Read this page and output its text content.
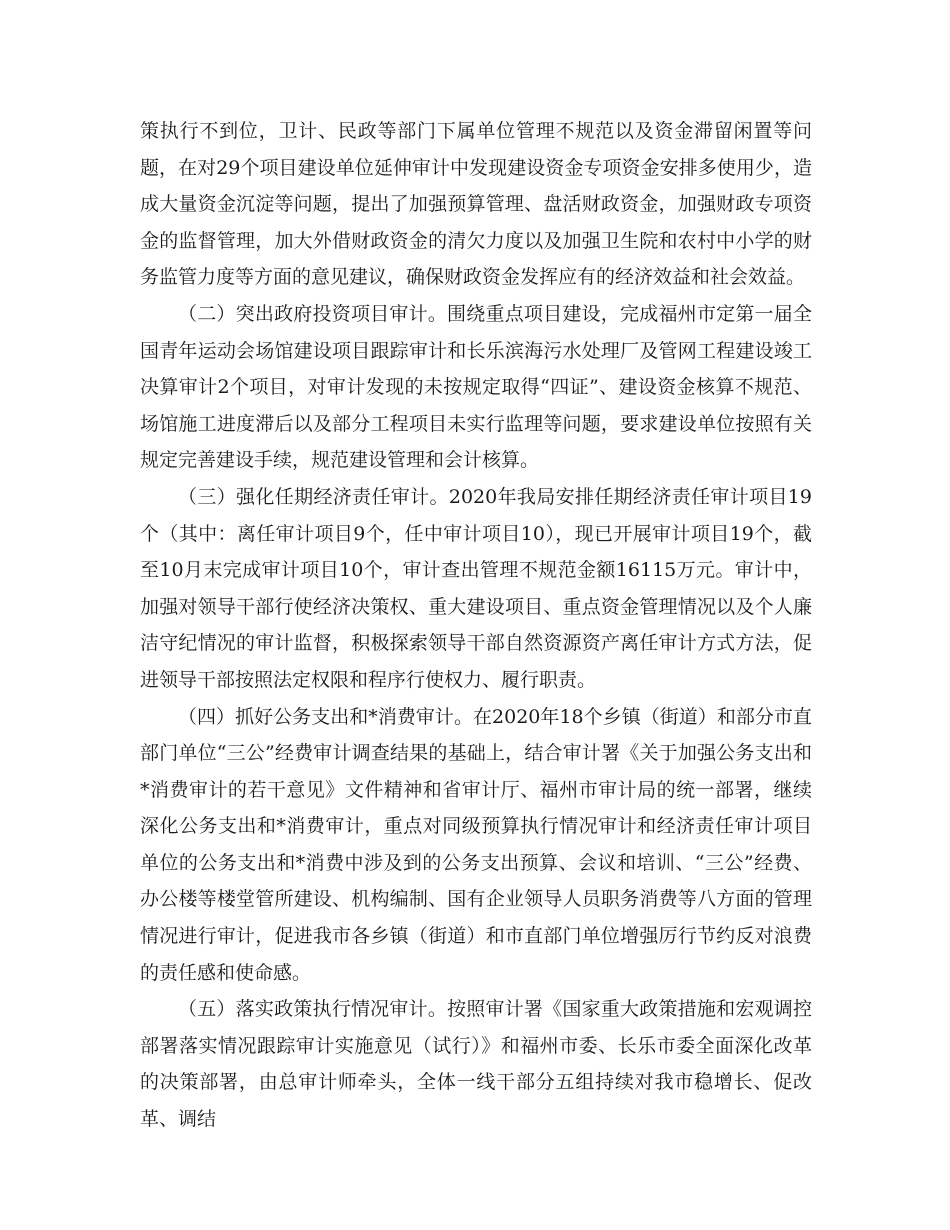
策执行不到位，卫计、民政等部门下属单位管理不规范以及资金滞留闲置等问题，在对29个项目建设单位延伸审计中发现建设资金专项资金安排多使用少，造成大量资金沉淀等问题，提出了加强预算管理、盘活财政资金，加强财政专项资金的监督管理，加大外借财政资金的清欠力度以及加强卫生院和农村中小学的财务监管力度等方面的意见建议，确保财政资金发挥应有的经济效益和社会效益。

（二）突出政府投资项目审计。围绕重点项目建设，完成福州市定第一届全国青年运动会场馆建设项目跟踪审计和长乐滨海污水处理厂及管网工程建设竣工决算审计2个项目，对审计发现的未按规定取得“四证”、建设资金核算不规范、场馆施工进度滞后以及部分工程项目未实行监理等问题，要求建设单位按照有关规定完善建设手续，规范建设管理和会计核算。

（三）强化任期经济责任审计。2020年我局安排任期经济责任审计项目19个（其中：离任审计项目9个，任中审计项目10），现已开展审计项目19个，截至10月末完成审计项目10个，审计查出管理不规范金额16115万元。审计中，加强对领导干部行使经济决策权、重大建设项目、重点资金管理情况以及个人廉洁守纪情况的审计监督，积极探索领导干部自然资源资产离任审计方式方法，促进领导干部按照法定权限和程序行使权力、履行职责。

（四）抓好公务支出和*消费审计。在2020年18个乡镇（街道）和部分市直部门单位“三公”经费审计调查结果的基础上，结合审计署《关于加强公务支出和*消费审计的若干意见》文件精神和省审计厅、福州市审计局的统一部署，继续深化公务支出和*消费审计，重点对同级预算执行情况审计和经济责任审计项目单位的公务支出和*消费中涉及到的公务支出预算、会议和培训、“三公”经费、办公楼等楼堂管所建设、机构编制、国有企业领导人员职务消费等八方面的管理情况进行审计，促进我市各乡镇（街道）和市直部门单位增强厉行节约反对浪费的责任感和使命感。

（五）落实政策执行情况审计。按照审计署《国家重大政策措施和宏观调控部署落实情况跟踪审计实施意见（试行）》和福州市委、长乐市委全面深化改革的决策部署，由总审计师牵头，全体一线干部分五组持续对我市稳增长、促改革、调结
